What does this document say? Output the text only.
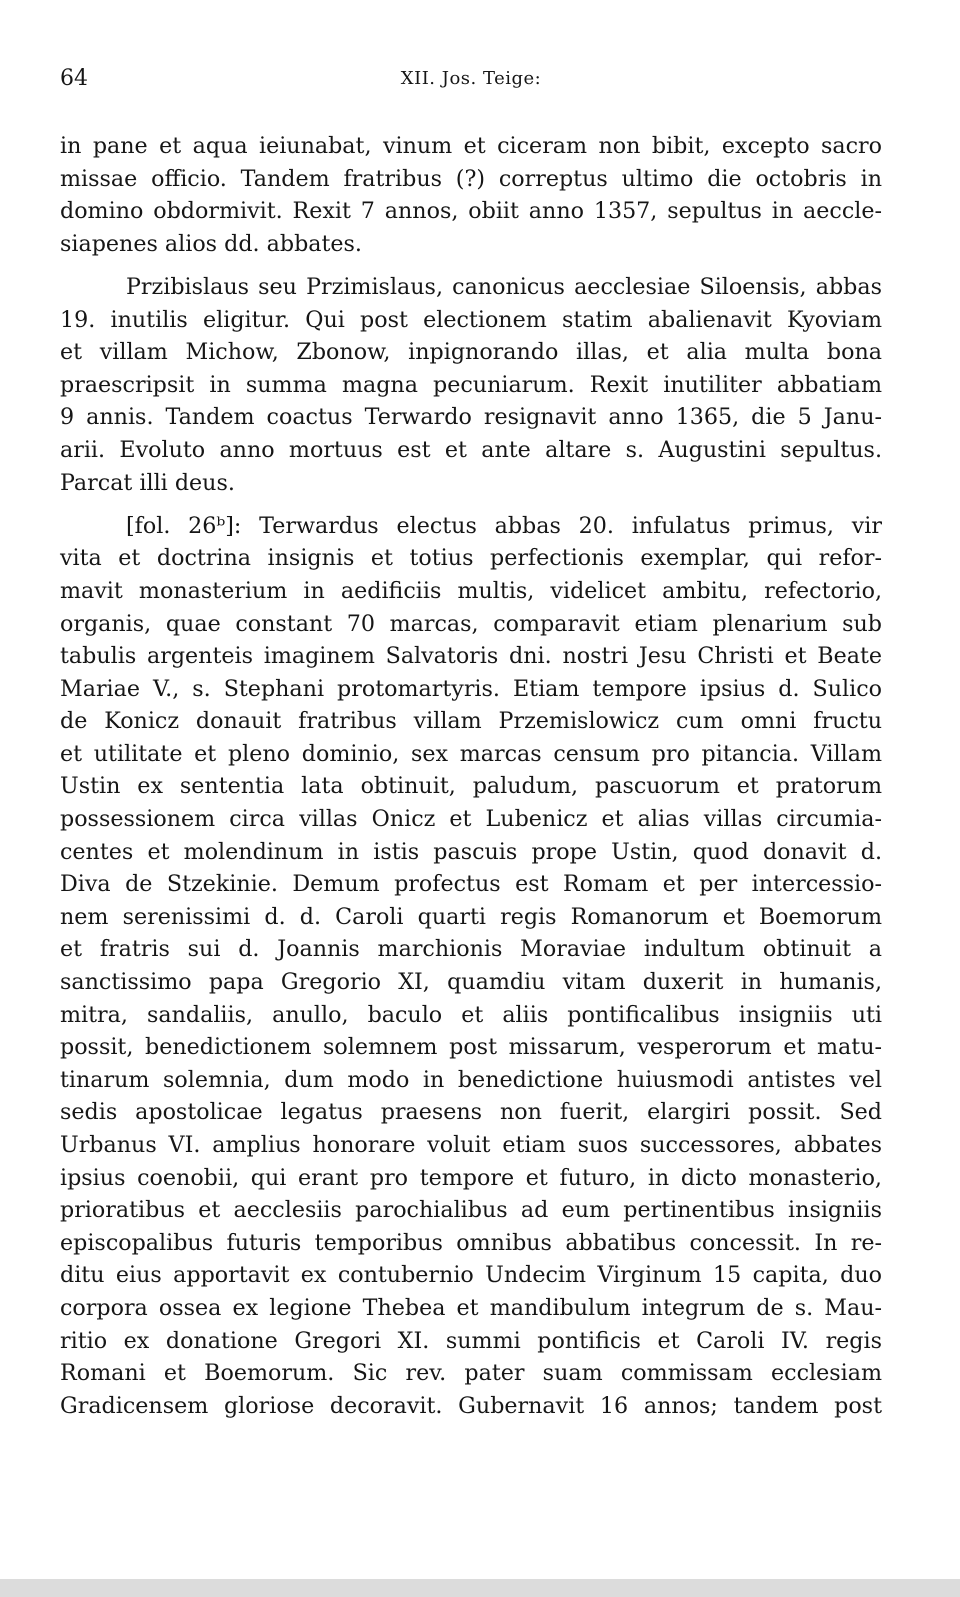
64	XII. Jos. Teige:

in pane et aqua ieiunabat, vinum et ciceram non bibit, excepto sacro
missae officio. Tandem fratribus (?) correptus ultimo die octobris in
domino obdormivit. Rexit 7 annos, obiit anno 1357, sepultus in aeccle-
siapenes alios dd. abbates.

Przibislaus seu Przimislaus, canonicus aecclesiae Siloensis, abbas
19. inutilis eligitur. Qui post electionem statim abalienavit Kyoviam
et villam Michow, Zbonow, inpignorando illas, et alia multa bona
praescripsit in summa magna pecuniarum. Rexit inutiliter abbatiam
9 annis. Tandem coactus Terwardo resignavit anno 1365, die 5 Janu-
arii. Evoluto anno mortuus est et ante altare s. Augustini sepultus.
Parcat illi deus.

[fol. 26ᵇ]: Terwardus electus abbas 20. infulatus primus, vir
vita et doctrina insignis et totius perfectionis exemplar, qui refor-
mavit monasterium in aedificiis multis, videlicet ambitu, refectorio,
organis, quae constant 70 marcas, comparavit etiam plenarium sub
tabulis argenteis imaginem Salvatoris dni. nostri Jesu Christi et Beate
Mariae V., s. Stephani protomartyris. Etiam tempore ipsius d. Sulico
de Konicz donauit fratribus villam Przemislowicz cum omni fructu
et utilitate et pleno dominio, sex marcas censum pro pitancia. Villam
Ustin ex sententia lata obtinuit, paludum, pascuorum et pratorum
possessionem circa villas Onicz et Lubenicz et alias villas circumia-
centes et molendinum in istis pascuis prope Ustin, quod donavit d.
Diva de Stzekinie. Demum profectus est Romam et per intercessio-
nem serenissimi d. d. Caroli quarti regis Romanorum et Boemorum
et fratris sui d. Joannis marchionis Moraviae indultum obtinuit a
sanctissimo papa Gregorio XI, quamdiu vitam duxerit in humanis,
mitra, sandaliis, anullo, baculo et aliis pontificalibus insigniis uti
possit, benedictionem solemnem post missarum, vesperorum et matu-
tinarum solemnia, dum modo in benedictione huiusmodi antistes vel
sedis apostolicae legatus praesens non fuerit, elargiri possit. Sed
Urbanus VI. amplius honorare voluit etiam suos successores, abbates
ipsius coenobii, qui erant pro tempore et futuro, in dicto monasterio,
prioratibus et aecclesiis parochialibus ad eum pertinentibus insigniis
episcopalibus futuris temporibus omnibus abbatibus concessit. In re-
ditu eius apportavit ex contubernio Undecim Virginum 15 capita, duo
corpora ossea ex legione Thebea et mandibulum integrum de s. Mau-
ritio ex donatione Gregori XI. summi pontificis et Caroli IV. regis
Romani et Boemorum. Sic rev. pater suam commissam ecclesiam
Gradicensem gloriose decoravit. Gubernavit 16 annos; tandem post
